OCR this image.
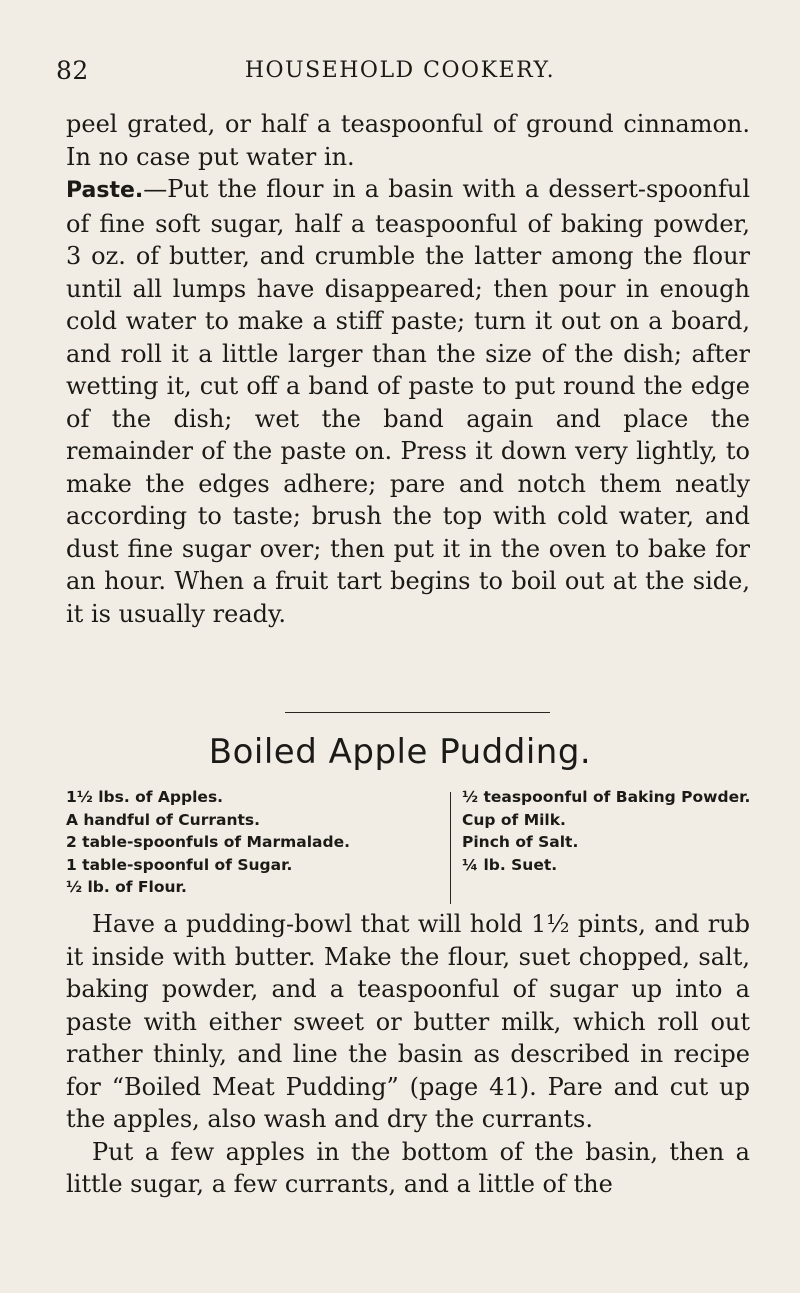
82	HOUSEHOLD COOKERY.

peel grated, or half a teaspoonful of ground cinnamon. In no case put water in.

Paste.—Put the flour in a basin with a dessert-spoonful of fine soft sugar, half a teaspoonful of baking powder, 3 oz. of butter, and crumble the latter among the flour until all lumps have disappeared; then pour in enough cold water to make a stiff paste; turn it out on a board, and roll it a little larger than the size of the dish; after wetting it, cut off a band of paste to put round the edge of the dish; wet the band again and place the remainder of the paste on. Press it down very lightly, to make the edges adhere; pare and notch them neatly according to taste; brush the top with cold water, and dust fine sugar over; then put it in the oven to bake for an hour. When a fruit tart begins to boil out at the side, it is usually ready.

Boiled Apple Pudding.
1½ lbs. of Apples.
A handful of Currants.
2 table-spoonfuls of Marmalade.
1 table-spoonful of Sugar.
½ lb. of Flour.
½ teaspoonful of Baking Powder.
Cup of Milk.
Pinch of Salt.
¼ lb. Suet.

Have a pudding-bowl that will hold 1½ pints, and rub it inside with butter. Make the flour, suet chopped, salt, baking powder, and a teaspoonful of sugar up into a paste with either sweet or butter milk, which roll out rather thinly, and line the basin as described in recipe for “Boiled Meat Pudding” (page 41). Pare and cut up the apples, also wash and dry the currants.

Put a few apples in the bottom of the basin, then a little sugar, a few currants, and a little of the
